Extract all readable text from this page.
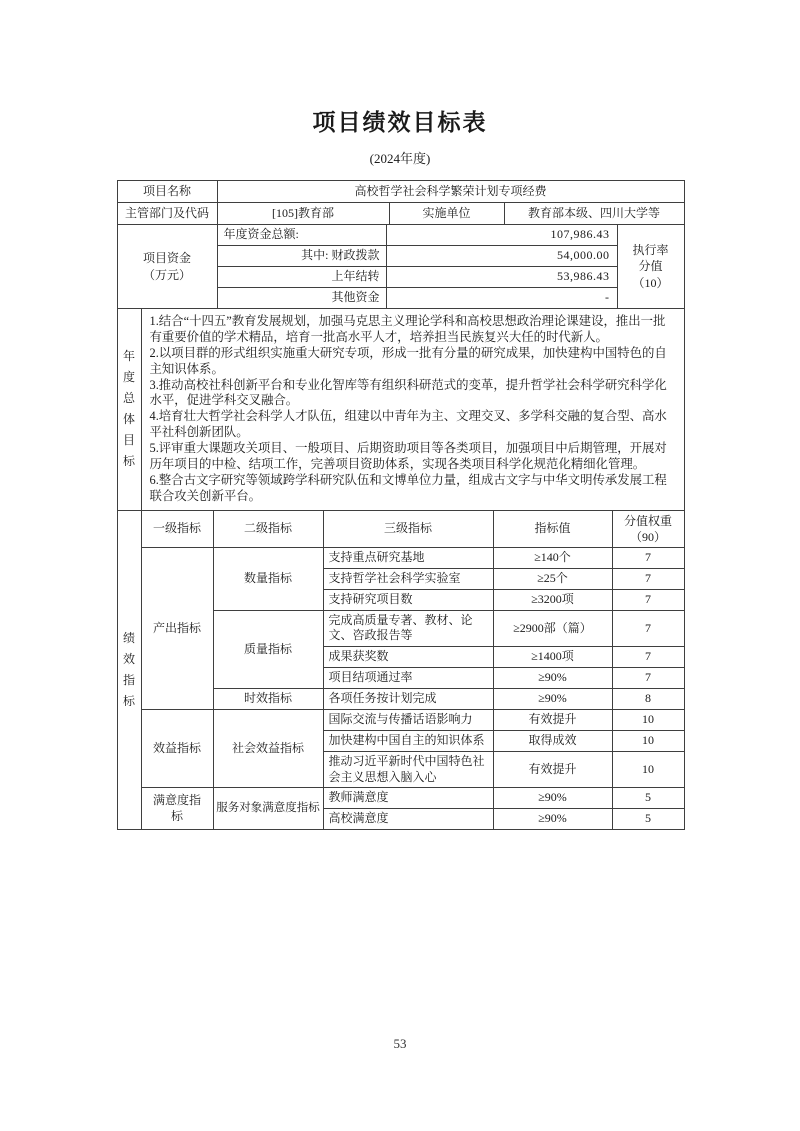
项目绩效目标表
(2024年度)
项目名称	高校哲学社会科学繁荣计划专项经费		
主管部门及代码	[105]教育部	实施单位	教育部本级、四川大学等
项目资金
（万元）	年度资金总额:	107,986.43	执行率
分值（10）

	其中: 财政拨款	54,000.00	
	上年结转	53,986.43	
	其他资金	-	
年度总体目标	
1.结合“十四五”教育发展规划，加强马克思主义理论学科和高校思想政治理论课建设，推出一批有重要价值的学术精品，培育一批高水平人才，培养担当民族复兴大任的时代新人。
2.以项目群的形式组织实施重大研究专项，形成一批有分量的研究成果，加快建构中国特色的自主知识体系。
3.推动高校社科创新平台和专业化智库等有组织科研范式的变革，提升哲学社会科学研究科学化水平，促进学科交叉融合。
4.培育壮大哲学社会科学人才队伍，组建以中青年为主、文理交叉、多学科交融的复合型、高水平社科创新团队。
5.评审重大课题攻关项目、一般项目、后期资助项目等各类项目，加强项目中后期管理，开展对历年项目的中检、结项工作，完善项目资助体系，实现各类项目科学化规范化精细化管理。
6.整合古文字研究等领域跨学科研究队伍和文博单位力量，组成古文字与中华文明传承发展工程联合攻关创新平台。
绩效指标	一级指标	二级指标	三级指标	指标值	分值权重
（90）

	产出指标	数量指标	支持重点研究基地	≥140个	7
			支持哲学社会科学实验室	≥25个	7
			支持研究项目数	≥3200项	7
		质量指标	完成高质量专著、教材、论文、咨政报告等	≥2900部（篇）	7
			成果获奖数	≥1400项	7
			项目结项通过率	≥90%	7
		时效指标	各项任务按计划完成	≥90%	8
	效益指标	社会效益指标	国际交流与传播话语影响力	有效提升	10
			加快建构中国自主的知识体系	取得成效	10
			推动习近平新时代中国特色社会主义思想入脑入心	有效提升	10
	满意度指标	服务对象满意度指标	教师满意度	≥90%	5
			高校满意度	≥90%	5
53
